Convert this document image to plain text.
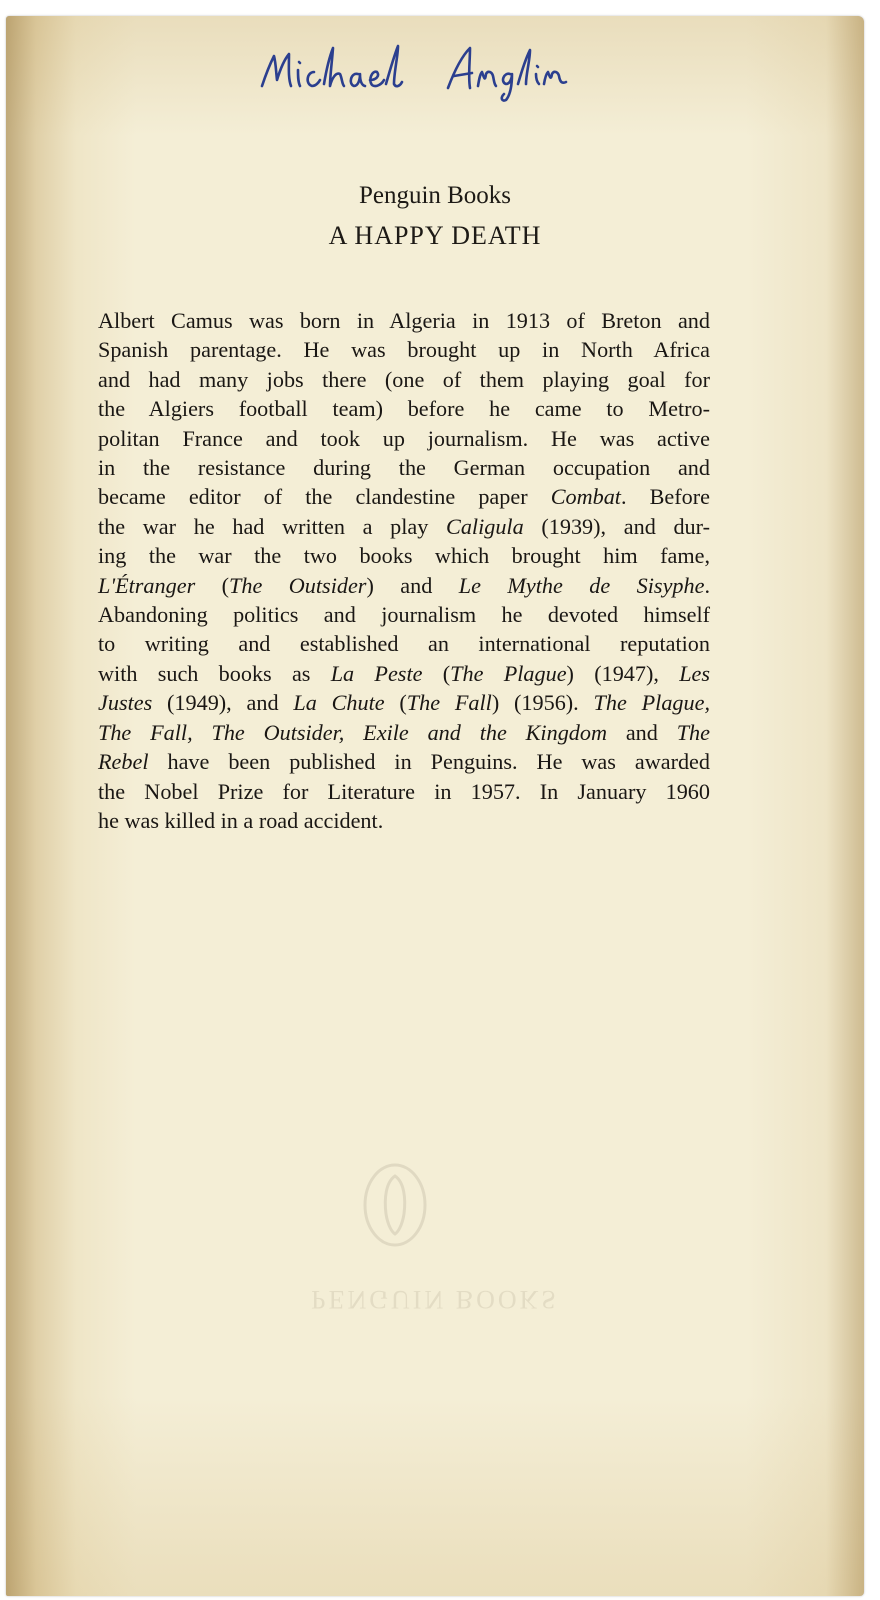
Penguin Books
A HAPPY DEATH
Albert Camus was born in Algeria in 1913 of Breton and
Spanish parentage. He was brought up in North Africa
and had many jobs there (one of them playing goal for
the Algiers football team) before he came to Metro-
politan France and took up journalism. He was active
in the resistance during the German occupation and
became editor of the clandestine paper Combat. Before
the war he had written a play Caligula (1939), and dur-
ing the war the two books which brought him fame,
L'Étranger (The Outsider) and Le Mythe de Sisyphe.
Abandoning politics and journalism he devoted himself
to writing and established an international reputation
with such books as La Peste (The Plague) (1947), Les
Justes (1949), and La Chute (The Fall) (1956). The Plague,
The Fall, The Outsider, Exile and the Kingdom and The
Rebel have been published in Penguins. He was awarded
the Nobel Prize for Literature in 1957. In January 1960
he was killed in a road accident.
PENGUIN BOOKS
